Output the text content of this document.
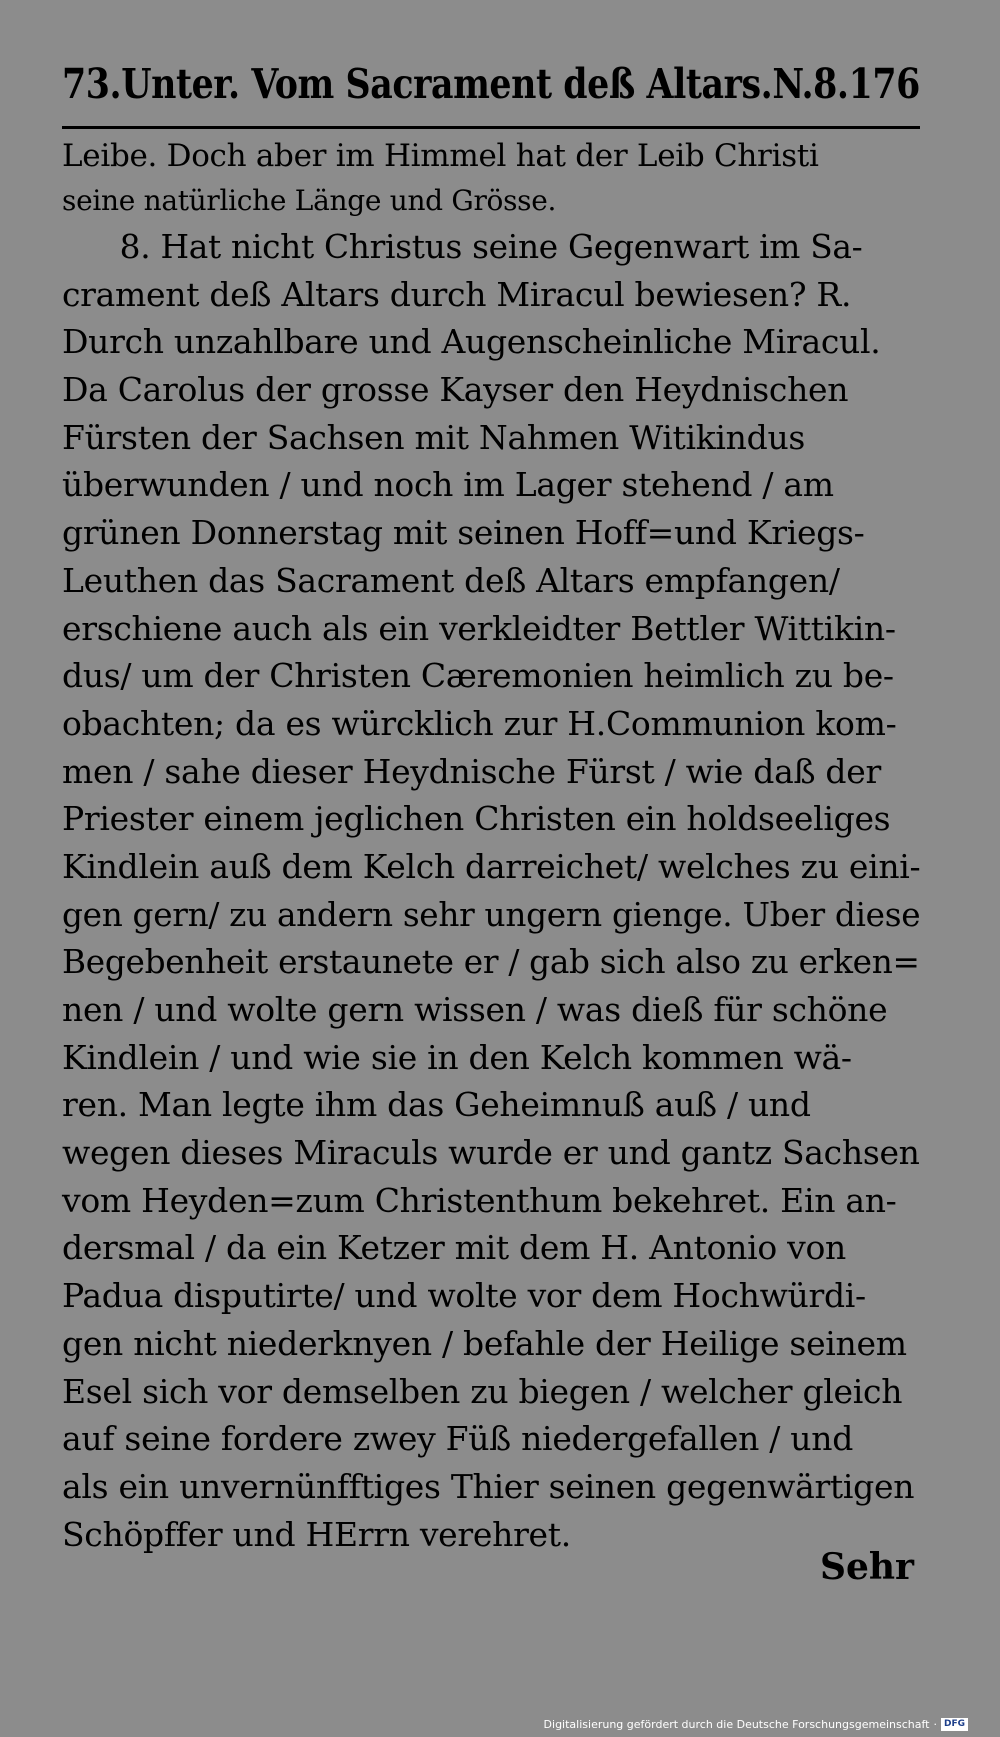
73.Unter. Vom Sacrament deß Altars.N.8.176
Leibe. Doch aber im Himmel hat der Leib Christi
seine natürliche Länge und Grösse.
8. Hat nicht Christus seine Gegenwart im Sa-
crament deß Altars durch Miracul bewiesen? R.
Durch unzahlbare und Augenscheinliche Miracul.
Da Carolus der grosse Kayser den Heydnischen
Fürsten der Sachsen mit Nahmen Witikindus
überwunden / und noch im Lager stehend / am
grünen Donnerstag mit seinen Hoff=und Kriegs-
Leuthen das Sacrament deß Altars empfangen/
erschiene auch als ein verkleidter Bettler Wittikin-
dus/ um der Christen Cæremonien heimlich zu be-
obachten; da es würcklich zur H.Communion kom-
men / sahe dieser Heydnische Fürst / wie daß der
Priester einem jeglichen Christen ein holdseeliges
Kindlein auß dem Kelch darreichet/ welches zu eini-
gen gern/ zu andern sehr ungern gienge. Uber diese
Begebenheit erstaunete er / gab sich also zu erken=
nen / und wolte gern wissen / was dieß für schöne
Kindlein / und wie sie in den Kelch kommen wä-
ren. Man legte ihm das Geheimnuß auß / und
wegen dieses Miraculs wurde er und gantz Sachsen
vom Heyden=zum Christenthum bekehret. Ein an-
dersmal / da ein Ketzer mit dem H. Antonio von
Padua disputirte/ und wolte vor dem Hochwürdi-
gen nicht niederknyen / befahle der Heilige seinem
Esel sich vor demselben zu biegen / welcher gleich
auf seine fordere zwey Füß niedergefallen / und
als ein unvernünfftiges Thier seinen gegenwärtigen
Schöpffer und HErrn verehret.
Sehr
Digitalisierung gefördert durch die Deutsche Forschungsgemeinschaft · DFG
